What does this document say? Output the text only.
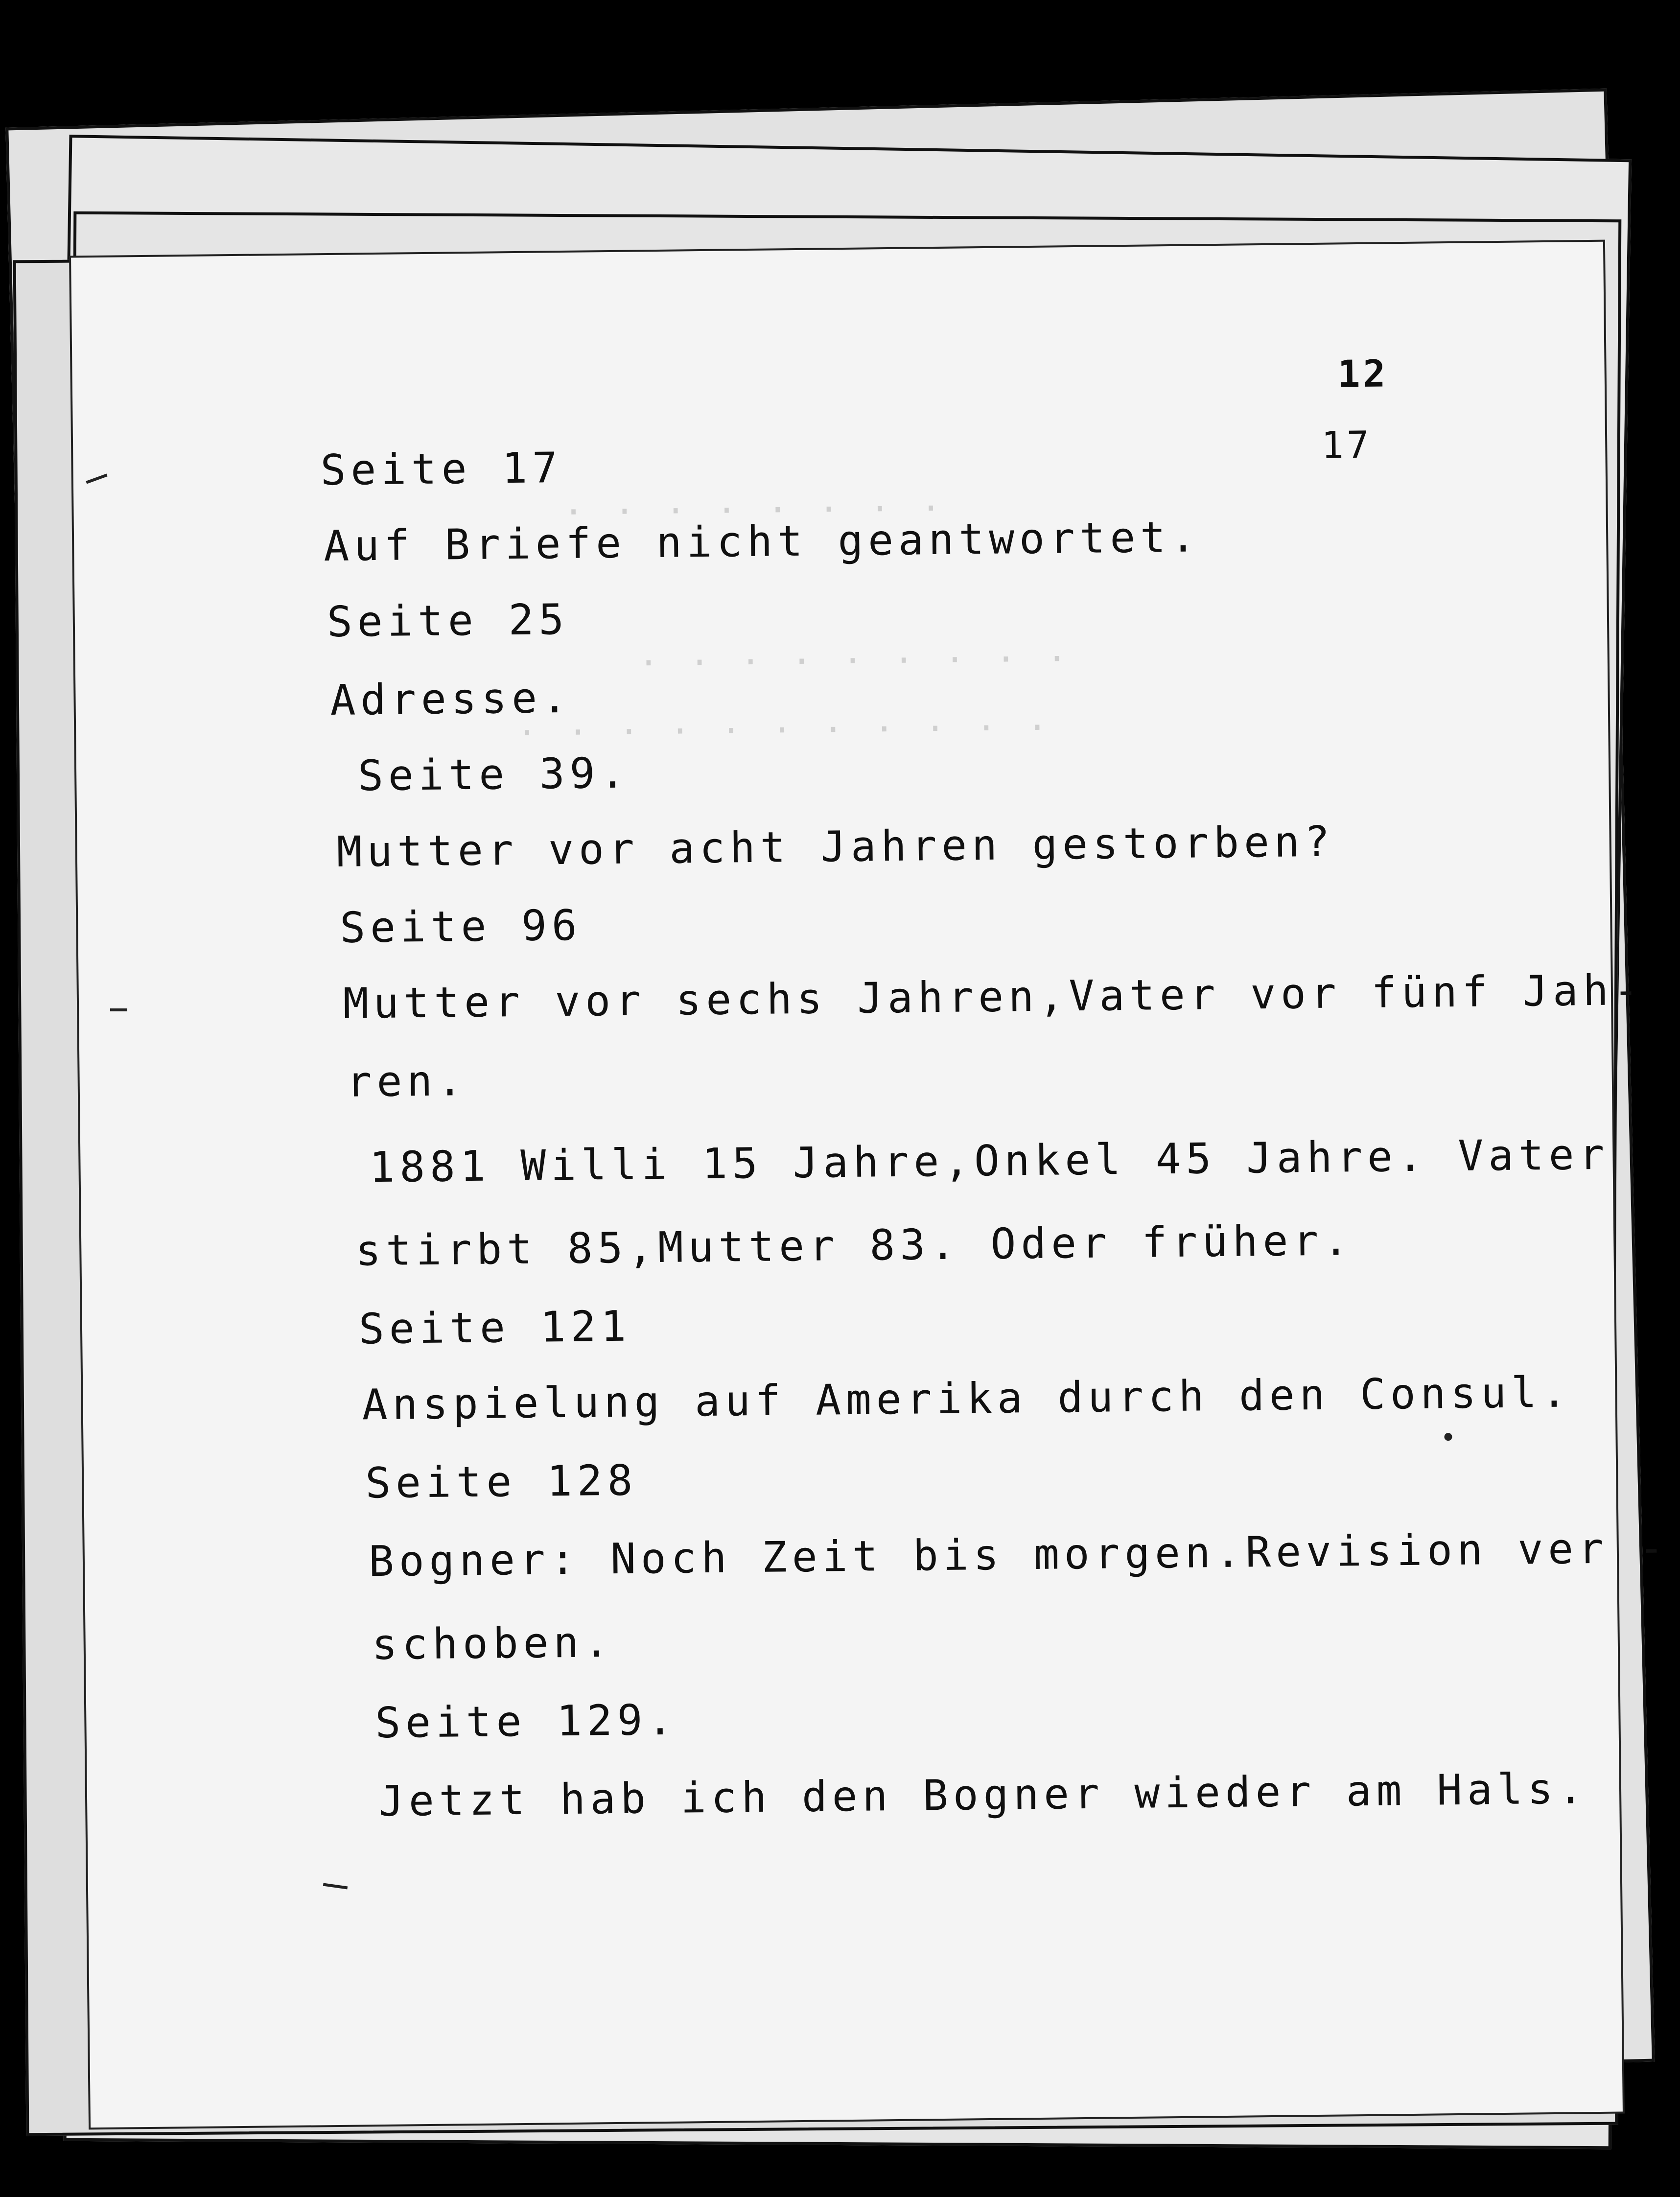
. . . . . . . .
. . . . . . . . .
. . . . . . . . . . .
12
17
Seite 17
Auf Briefe nicht geantwortet.
Seite 25
Adresse.
Seite 39.
Mutter vor acht Jahren gestorben?
Seite 96
Mutter vor sechs Jahren,Vater vor fünf Jah-
ren.
1881 Willi 15 Jahre,Onkel 45 Jahre. Vater
stirbt 85,Mutter 83. Oder früher.
Seite 121
Anspielung auf Amerika durch den Consul.
Seite 128
Bogner: Noch Zeit bis morgen.Revision ver -
schoben.
Seite 129.
Jetzt hab ich den Bogner wieder am Hals.
